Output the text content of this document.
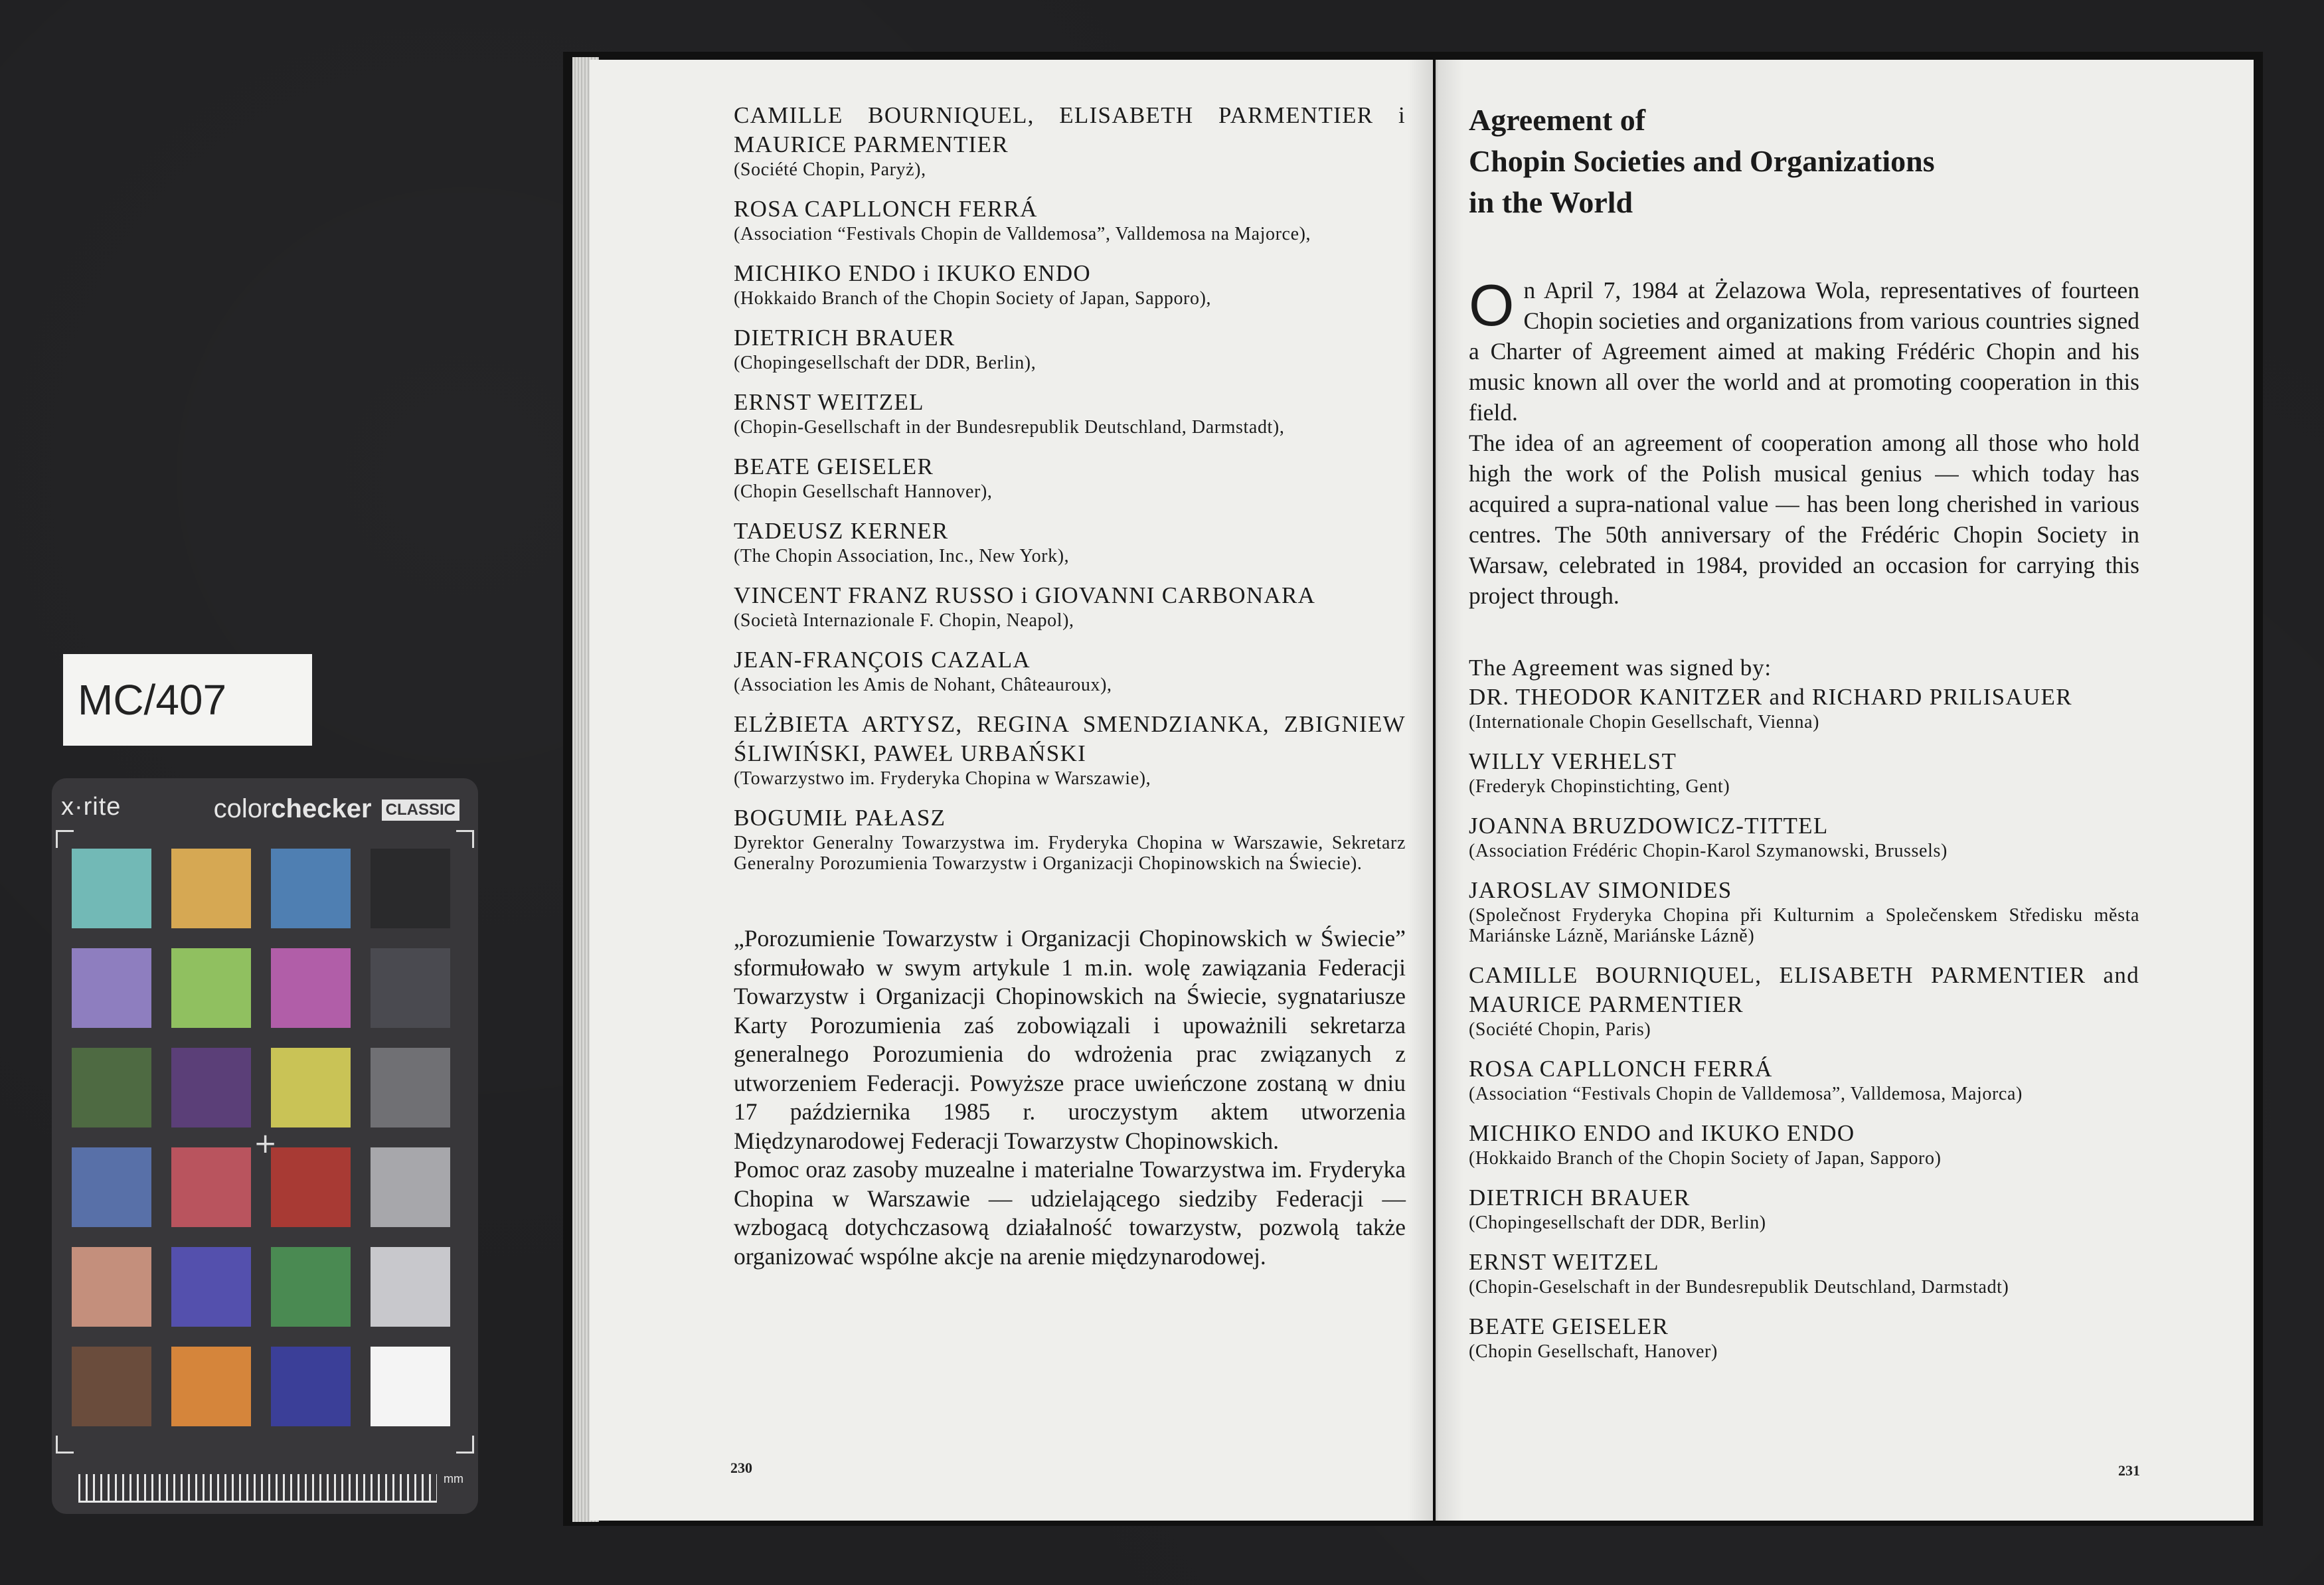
MC/407
x·rite	colorchecker CLASSIC
+
mm
CAMILLE BOURNIQUEL, ELISABETH PARMENTIER i MAURICE PARMENTIER
(Société Chopin, Paryż),
ROSA CAPLLONCH FERRÁ
(Association “Festivals Chopin de Valldemosa”, Valldemosa na Majorce),
MICHIKO ENDO i IKUKO ENDO
(Hokkaido Branch of the Chopin Society of Japan, Sapporo),
DIETRICH BRAUER
(Chopingesellschaft der DDR, Berlin),
ERNST WEITZEL
(Chopin-Gesellschaft in der Bundesrepublik Deutschland, Darmstadt),
BEATE GEISELER
(Chopin Gesellschaft Hannover),
TADEUSZ KERNER
(The Chopin Association, Inc., New York),
VINCENT FRANZ RUSSO i GIOVANNI CARBONARA
(Società Internazionale F. Chopin, Neapol),
JEAN-FRANÇOIS CAZALA
(Association les Amis de Nohant, Châteauroux),
ELŻBIETA ARTYSZ, REGINA SMENDZIANKA, ZBIGNIEW ŚLIWIŃSKI, PAWEŁ URBAŃSKI
(Towarzystwo im. Fryderyka Chopina w Warszawie),
BOGUMIŁ PAŁASZ
Dyrektor Generalny Towarzystwa im. Fryderyka Chopina w Warszawie, Sekretarz Generalny Porozumienia Towarzystw i Organizacji Chopinowskich na Świecie).
„Porozumienie Towarzystw i Organizacji Chopinowskich w Świecie” sformułowało w swym artykule 1 m.in. wolę zawiązania Federacji Towarzystw i Organizacji Chopinowskich na Świecie, sygnatariusze Karty Porozumienia zaś zobowiązali i upoważnili sekretarza generalnego Porozumienia do wdrożenia prac związanych z utworzeniem Federacji. Powyższe prace uwieńczone zostaną w dniu 17 października 1985 r. uroczystym aktem utworzenia Międzynarodowej Federacji Towarzystw Chopinowskich.
Pomoc oraz zasoby muzealne i materialne Towarzystwa im. Fryderyka Chopina w Warszawie — udzielającego siedziby Federacji — wzbogacą dotychczasową działalność towarzystw, pozwolą także organizować wspólne akcje na arenie międzynarodowej.
230
Agreement of
Chopin Societies and Organizations
in the World
On April 7, 1984 at Żelazowa Wola, representatives of fourteen Chopin societies and organizations from various countries signed a Charter of Agreement aimed at making Frédéric Chopin and his music known all over the world and at promoting cooperation in this field.
The idea of an agreement of cooperation among all those who hold high the work of the Polish musical genius — which today has acquired a supra-national value — has been long cherished in various centres. The 50th anniversary of the Frédéric Chopin Society in Warsaw, celebrated in 1984, provided an occasion for carrying this project through.
The Agreement was signed by:
DR. THEODOR KANITZER and RICHARD PRILISAUER
(Internationale Chopin Gesellschaft, Vienna)
WILLY VERHELST
(Frederyk Chopinstichting, Gent)
JOANNA BRUZDOWICZ-TITTEL
(Association Frédéric Chopin-Karol Szymanowski, Brussels)
JAROSLAV SIMONIDES
(Společnost Fryderyka Chopina při Kulturnim a Společenskem Středisku města Mariánske Lázně, Mariánske Lázně)
CAMILLE BOURNIQUEL, ELISABETH PARMENTIER and MAURICE PARMENTIER
(Société Chopin, Paris)
ROSA CAPLLONCH FERRÁ
(Association “Festivals Chopin de Valldemosa”, Valldemosa, Majorca)
MICHIKO ENDO and IKUKO ENDO
(Hokkaido Branch of the Chopin Society of Japan, Sapporo)
DIETRICH BRAUER
(Chopingesellschaft der DDR, Berlin)
ERNST WEITZEL
(Chopin-Geselschaft in der Bundesrepublik Deutschland, Darmstadt)
BEATE GEISELER
(Chopin Gesellschaft, Hanover)
231
